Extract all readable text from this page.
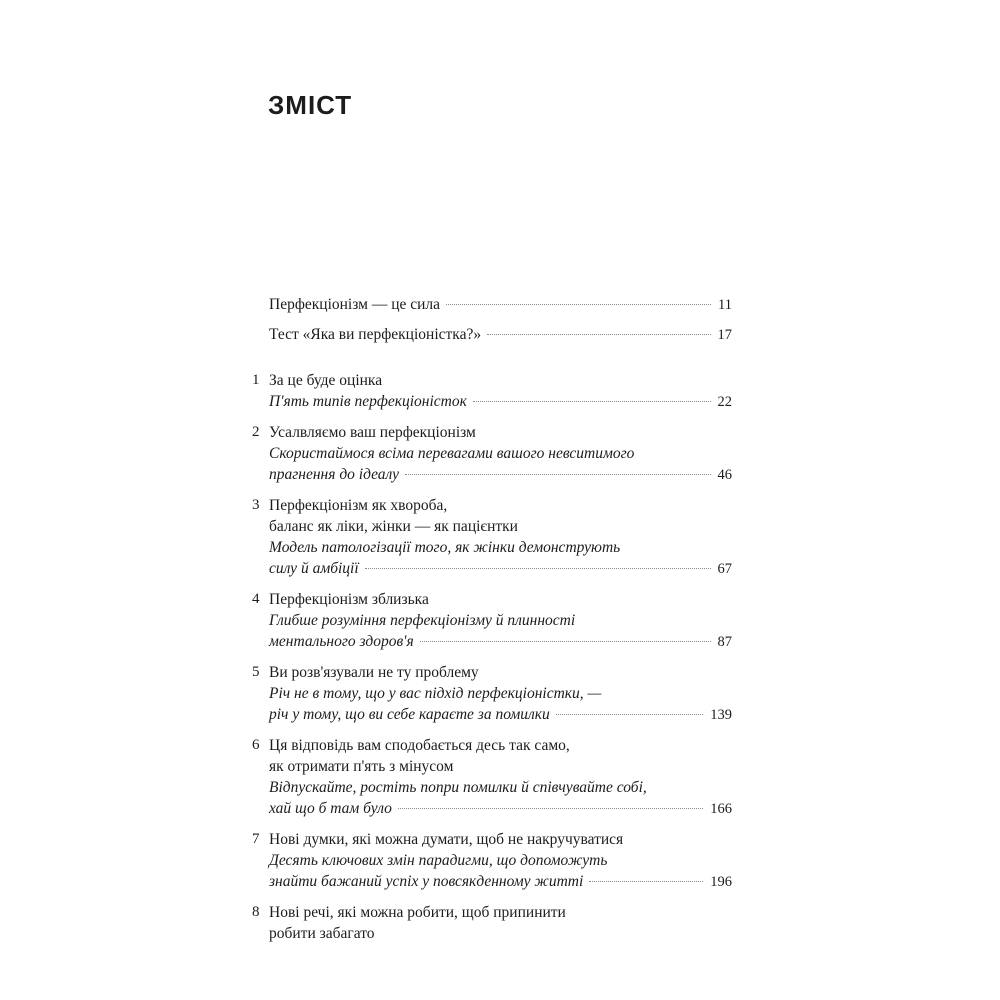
ЗМІСТ
Перфекціонізм — це сила	11
Тест «Яка ви перфекціоністка?»	17
1 За це буде оцінка
П'ять типів перфекціоністок	22
2 Усалвляємо ваш перфекціонізм
Скористаймося всіма перевагами вашого невситимого
прагнення до ідеалу	46
3 Перфекціонізм як хвороба,
баланс як ліки, жінки — як пацієнтки
Модель патологізації того, як жінки демонструють
силу й амбіції	67
4 Перфекціонізм зблизька
Глибше розуміння перфекціонізму й плинності
ментального здоров'я	87
5 Ви розв'язували не ту проблему
Річ не в тому, що у вас підхід перфекціоністки, —
річ у тому, що ви себе караєте за помилки	139
6 Ця відповідь вам сподобається десь так само,
як отримати п'ять з мінусом
Відпускайте, ростіть попри помилки й співчувайте собі,
хай що б там було	166
7 Нові думки, які можна думати, щоб не накручуватися
Десять ключових змін парадигми, що допоможуть
знайти бажаний успіх у повсякденному житті	196
8 Нові речі, які можна робити, щоб припинити
робити забагато
